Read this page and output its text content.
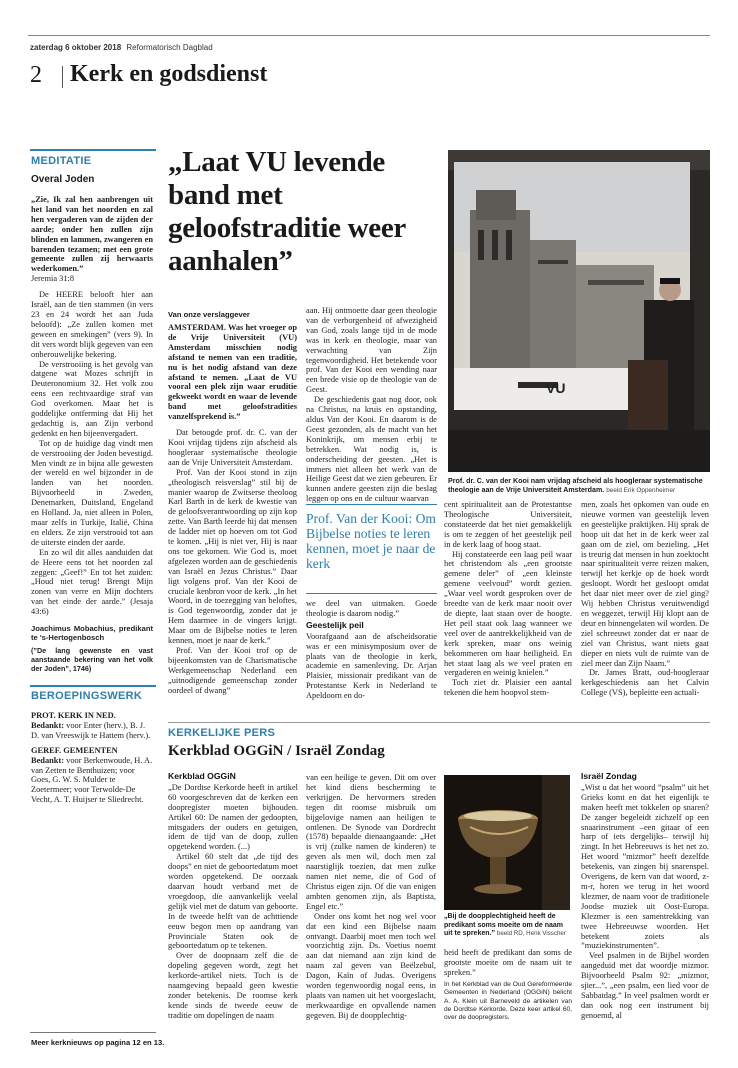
zaterdag 6 oktober 2018 Reformatorisch Dagblad
2 Kerk en godsdienst
MEDITATIE
Overal Joden

„Zie, Ik zal hen aanbrengen uit het land van het noorden en zal hen vergaderen van de zijden der aarde; onder hen zullen zijn blinden en lammen, zwangeren en barenden tezamen; met een grote gemeente zullen zij herwaarts wederkomen.”

Jeremia 31:8

De HEERE belooft hier aan Israël, aan de tien stammen (in vers 23 en 24 wordt het aan Juda beloofd): „Ze zullen komen met geween en smekingen” (vers 9). In dit vers wordt blijk gegeven van een onberouwelijke bekering.

De verstrooiing is het gevolg van datgene wat Mozes schrijft in Deuteronomium 32. Het volk zou eens een rechtvaardige straf van God overkomen. Maar het is goddelijke ontferming dat Hij het gedachtig is, aan Zijn verbond gedenkt en hen bijeenvergadert.

Tot op de huidige dag vindt men de verstrooiing der Joden bevestigd. Men vindt ze in bijna alle gewesten der wereld en wel bijzonder in de landen van het noorden. Bijvoorbeeld in Zweden, Denemarken, Duitsland, Engeland en Holland. Ja, niet alleen in Polen, maar zelfs in Turkije, Italië, China en elders. Ze zijn verstrooid tot aan de uiterste einden der aarde.

En zo wil dit alles aanduiden dat de Heere eens tot het noorden zal zeggen: „Geef!” En tot het zuiden: „Houd niet terug! Brengt Mijn zonen van verre en Mijn dochters van het einde der aarde.” (Jesaja 43:6)

Joachimus Mobachius, predikant te 's-Hertogenbosch

(”De lang gewenste en vast aanstaande bekering van het volk der Joden”, 1746)

BEROEPINGSWERK

PROT. KERK IN NED.

Bedankt: voor Enter (herv.), B. J. D. van Vreeswijk te Hattem (herv.).

GEREF. GEMEENTEN

Bedankt: voor Berkenwoude, H. A. van Zetten te Benthuizen; voor Goes, G. W. S. Mulder te Zoetermeer; voor Terwolde-De Vecht, A. T. Huijser te Sliedrecht.

Meer kerknieuws op pagina 12 en 13.
„Laat VU levende band met geloofstraditie weer aanhalen”
VU
Prof. dr. C. van der Kooi nam vrijdag afscheid als hoogleraar systematische theologie aan de Vrije Universiteit Amsterdam. beeld Erik Oppenheimer
Van onze verslaggever

AMSTERDAM. Was het vroeger op de Vrije Universiteit (VU) Amsterdam misschien nodig afstand te nemen van een traditie, nu is het nodig afstand van deze afstand te nemen. „Laat de VU vooral een plek zijn waar eruditie gekweekt wordt en waar de levende band met geloofstradities vanzelfsprekend is.”

Dat betoogde prof. dr. C. van der Kooi vrijdag tijdens zijn afscheid als hoogleraar systematische theologie aan de Vrije Universiteit Amsterdam.

Prof. Van der Kooi stond in zijn „theologisch reisverslag” stil bij de manier waarop de Zwitserse theoloog Karl Barth in de kerk de kwestie van de geloofsverantwoording op zijn kop zette. Van Barth leerde hij dat mensen de ladder niet op hoeven om tot God te komen. „Hij is niet ver, Hij is naar ons toe gekomen. Wie God is, moet afgelezen worden aan de geschiedenis van Israël en Jezus Christus.” Daar ligt volgens prof. Van der Kooi de cruciale kenbron voor de kerk. „In het Woord, in de toezegging van beloftes, is God tegenwoordig, zonder dat je Hem daarmee in de vingers krijgt. Maar om de Bijbelse noties te leren kennen, moet je naar de kerk.”

Prof. Van der Kooi trof op de bijeenkomsten van de Charismatische Werkgemeenschap Nederland een „uitnodigende gemeenschap zonder oordeel of dwang”

aan. Hij ontmoette daar geen theologie van de verborgenheid of afwezigheid van God, zoals lange tijd in de mode was in kerk en theologie, maar van verwachting van Zijn tegenwoordigheid. Het betekende voor prof. Van der Kooi een wending naar een brede visie op de theologie van de Geest.

De geschiedenis gaat nog door, ook na Christus, na kruis en opstanding, aldus Van der Kooi. En daarom is de Geest gezonden, als de macht van het Koninkrijk, om mensen erbij te betrekken. Wat nodig is, is onderscheiding der geesten. „Het is immers niet alleen het werk van de Heilige Geest dat we zien gebeuren. Er kunnen andere geesten zijn die beslag leggen op ons en de cultuur waarvan

Prof. Van der Kooi: Om Bijbelse noties te leren kennen, moet je naar de kerk

we deel van uitmaken. Goede theologie is daarom nodig.”

Geestelijk peil

Voorafgaand aan de afscheidsoratie was er een minisymposium over de plaats van de theologie in kerk, academie en samenleving. Dr. Arjan Plaisier, missionair predikant van de Protestantse Kerk in Nederland te Apeldoorn en do-

cent spiritualiteit aan de Protestantse Theologische Universiteit, constateerde dat het niet gemakkelijk is om te zeggen of het geestelijk peil in de kerk laag of hoog staat.

Hij constateerde een laag peil waar het christendom als „een grootste gemene deler” of „een kleinste gemene veelvoud” wordt gezien. „Waar veel wordt gesproken over de breedte van de kerk maar nooit over de diepte, laat staan over de hoogte. Het peil staat ook laag wanneer we veel over de aantrekkelijkheid van de kerk spreken, maar ons weinig bekommeren om haar heiligheid. En het staat laag als we veel praten en vergaderen en weinig knielen.”

Toch ziet dr. Plaisier een aantal tekenen die hem hoopvol stem-

men, zoals het opkomen van oude en nieuwe vormen van geestelijk leven en geestelijke praktijken. Hij sprak de hoop uit dat het in de kerk weer zal gaan om de ziel, om bezieling. „Het is treurig dat mensen in hun zoektocht naar spiritualiteit verre reizen maken, terwijl het kerkje op de hoek wordt gesloopt. Wordt het gesloopt omdat het daar niet meer over de ziel ging? Wij hebben Christus veruitwendigd en weggezet, terwijl Hij klopt aan de deur en binnengelaten wil worden. De ziel schreeuwt zonder dat er naar de ziel van Christus, want niets gaat dieper en niets vult de ruimte van de ziel meer dan Zijn Naam.”

Dr. James Bratt, oud-hoogleraar kerkgeschiedenis aan het Calvin College (VS), bepleitte een actuali-

KERKELIJKE PERS
Kerkblad OGGiN / Israël Zondag

Kerkblad OGGiN

„De Dordtse Kerkorde heeft in artikel 60 voorgeschreven dat de kerken een doopregister moeten bijhouden. Artikel 60: De namen der gedoopten, mitsgaders der ouders en getuigen, idem de tijd van de doop, zullen opgetekend worden. (...)

Artikel 60 stelt dat „de tijd des doops” en niet de geboortedatum moet worden opgetekend. De oorzaak daarvan houdt verband met de vroegdoop, die aanvankelijk veelal gelijk viel met de datum van geboorte. In de tweede helft van de achttiende eeuw begon men op aandrang van Provinciale Staten ook de geboortedatum op te tekenen.

Over de doopnaam zelf die de dopeling gegeven wordt, zegt het kerkorde-artikel niets. Toch is de naamgeving bepaald geen kwestie zonder betekenis. De roomse kerk kende sinds de tweede eeuw de traditie om dopelingen de naam

van een heilige te geven. Dit om over het kind diens bescherming te verkrijgen. De hervormers streden tegen dit roomse misbruik om bijgelovige namen aan heiligen te ontlenen. De Synode van Dordrecht (1578) bepaalde dienaangaande: „Het is vrij (zulke namen de kinderen) te geven als men wil, doch men zal naarstiglijk toezien, dat men zulke namen niet neme, die of God of Christus eigen zijn. Of die van enigen ambten genomen zijn, als Baptista, Engel etc.”

Onder ons komt het nog wel voor dat een kind een Bijbelse naam ontvangt. Daarbij moet men toch wel voorzichtig zijn. Ds. Voetius noemt aan dat niemand aan zijn kind de naam zal geven van Beëlzebul, Dagon, Kaïn of Judas. Overigens worden tegenwoordig nogal eens, in plaats van namen uit het voorgeslacht, merkwaardige en opvallende namen gegeven. Bij de doopplechtig-

„Bij de doopplechtigheid heeft de predikant soms moeite om de naam uit te spreken.” beeld RD, Henk Visscher

heid heeft de predikant dan soms de grootste moeite om de naam uit te spreken.”

In het Kerkblad van de Oud Gereformeerde Gemeenten in Nederland (OGGiN) belicht A. A. Klein uit Barneveld de artikelen van de Dordtse Kerkorde. Deze keer artikel 60, over de doopregisters.

Israël Zondag

„Wist u dat het woord ”psalm” uit het Grieks komt en dat het eigenlijk te maken heeft met tokkelen op snaren? De zanger begeleidt zichzelf op een snaarinstrument –een gitaar of een harp of iets dergelijks– terwijl hij zingt. In het Hebreeuws is het net zo. Het woord ”mizmor” heeft dezelfde betekenis, van zingen bij snarenspel. Overigens, de kern van dat woord, z-m-r, horen we terug in het woord klezmer, de naam voor de traditionele Joodse muziek uit Oost-Europa. Klezmer is een samentrekking van twee Hebreeuwse woorden. Het betekent zoiets als ”muziekinstrumenten”.

Veel psalmen in de Bijbel worden aangeduid met dat woordje mizmor. Bijvoorbeeld Psalm 92: „mizmor, sjier...”, „een psalm, een lied voor de Sabbatdag.” In veel psalmen wordt er dan ook nog een instrument bij genoemd, al
